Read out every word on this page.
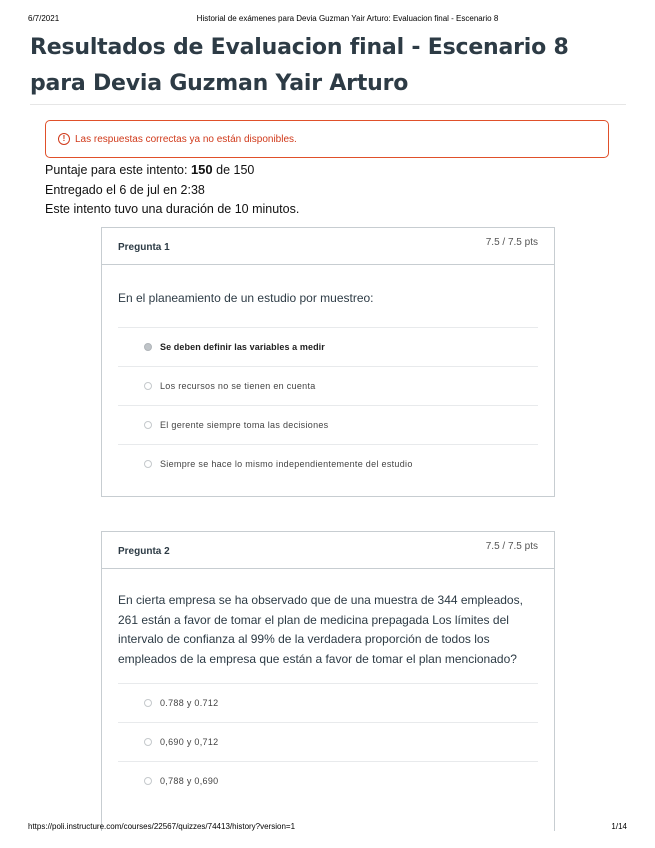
6/7/2021	Historial de exámenes para Devia Guzman Yair Arturo: Evaluacion final - Escenario 8
Resultados de Evaluacion final - Escenario 8 para Devia Guzman Yair Arturo
! Las respuestas correctas ya no están disponibles.
Puntaje para este intento: 150 de 150
Entregado el 6 de jul en 2:38
Este intento tuvo una duración de 10 minutos.
Pregunta 1	7.5 / 7.5 pts
En el planeamiento de un estudio por muestreo:
Se deben definir las variables a medir
Los recursos no se tienen en cuenta
El gerente siempre toma las decisiones
Siempre se hace lo mismo independientemente del estudio
Pregunta 2	7.5 / 7.5 pts
En cierta empresa se ha observado que de una muestra de 344 empleados, 261 están a favor de tomar el plan de medicina prepagada Los límites del intervalo de confianza al 99% de la verdadera proporción de todos los empleados de la empresa que están a favor de tomar el plan mencionado?
0.788 y 0.712
0,690 y 0,712
0,788 y 0,690
https://poli.instructure.com/courses/22567/quizzes/74413/history?version=1	1/14
